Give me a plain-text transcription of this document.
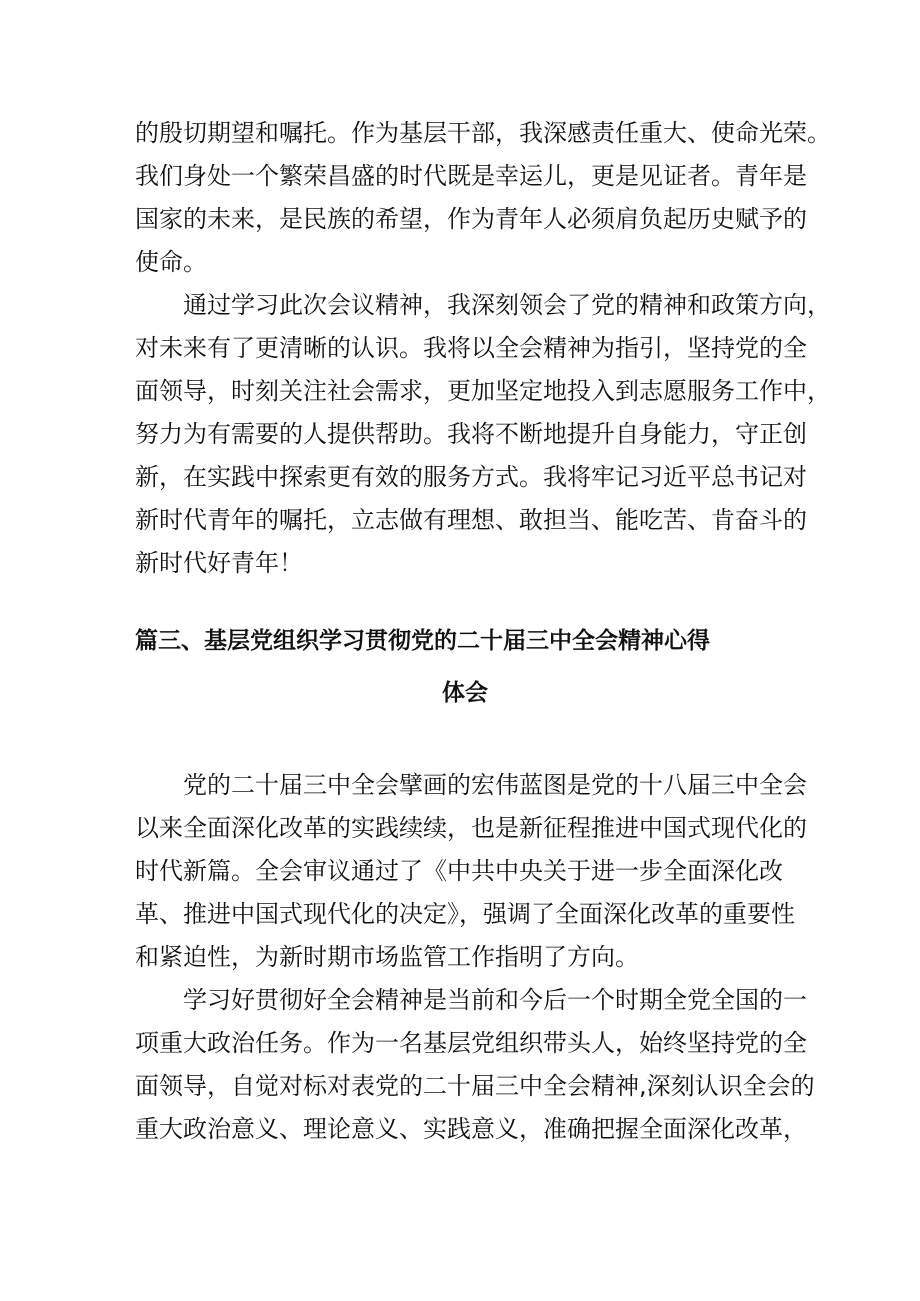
的殷切期望和嘱托。作为基层干部，我深感责任重大、使命光荣。
我们身处一个繁荣昌盛的时代既是幸运儿，更是见证者。青年是
国家的未来，是民族的希望，作为青年人必须肩负起历史赋予的
使命。
通过学习此次会议精神，我深刻领会了党的精神和政策方向，
对未来有了更清晰的认识。我将以全会精神为指引，坚持党的全
面领导，时刻关注社会需求，更加坚定地投入到志愿服务工作中，
努力为有需要的人提供帮助。我将不断地提升自身能力，守正创
新，在实践中探索更有效的服务方式。我将牢记习近平总书记对
新时代青年的嘱托，立志做有理想、敢担当、能吃苦、肯奋斗的
新时代好青年！
篇三、基层党组织学习贯彻党的二十届三中全会精神心得
体会
党的二十届三中全会擘画的宏伟蓝图是党的十八届三中全会
以来全面深化改革的实践续续，也是新征程推进中国式现代化的
时代新篇。全会审议通过了《中共中央关于进一步全面深化改
革、推进中国式现代化的决定》，强调了全面深化改革的重要性
和紧迫性，为新时期市场监管工作指明了方向。
学习好贯彻好全会精神是当前和今后一个时期全党全国的一
项重大政治任务。作为一名基层党组织带头人，始终坚持党的全
面领导，自觉对标对表党的二十届三中全会精神,深刻认识全会的
重大政治意义、理论意义、实践意义，准确把握全面深化改革，
